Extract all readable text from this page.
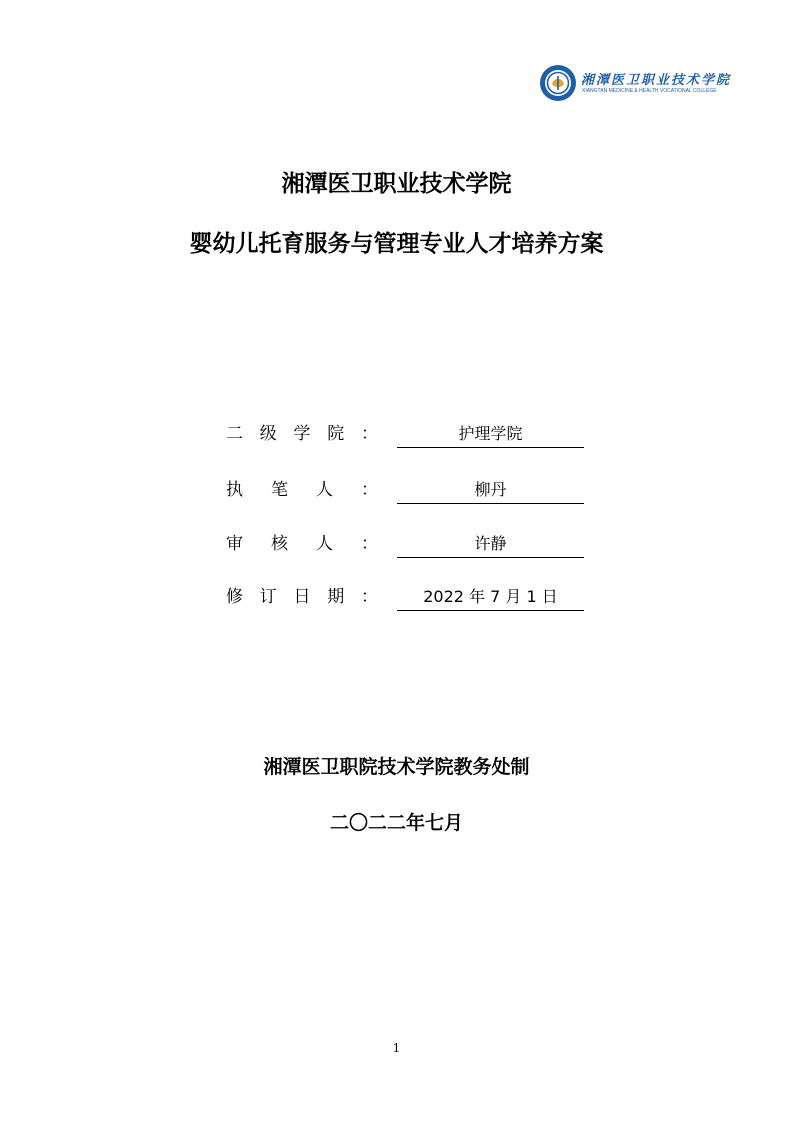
湘潭医卫职业技术学院
XIANGTAN MEDICINE & HEALTH VOCATIONAL COLLEGE
湘潭医卫职业技术学院
婴幼儿托育服务与管理专业人才培养方案
二 级 学 院 ：	护理学院
执 笔 人 ：	柳丹
审 核 人 ：	许静
修 订 日 期 ：	2022 年 7 月 1 日
湘潭医卫职院技术学院教务处制
二〇二二年七月
1
